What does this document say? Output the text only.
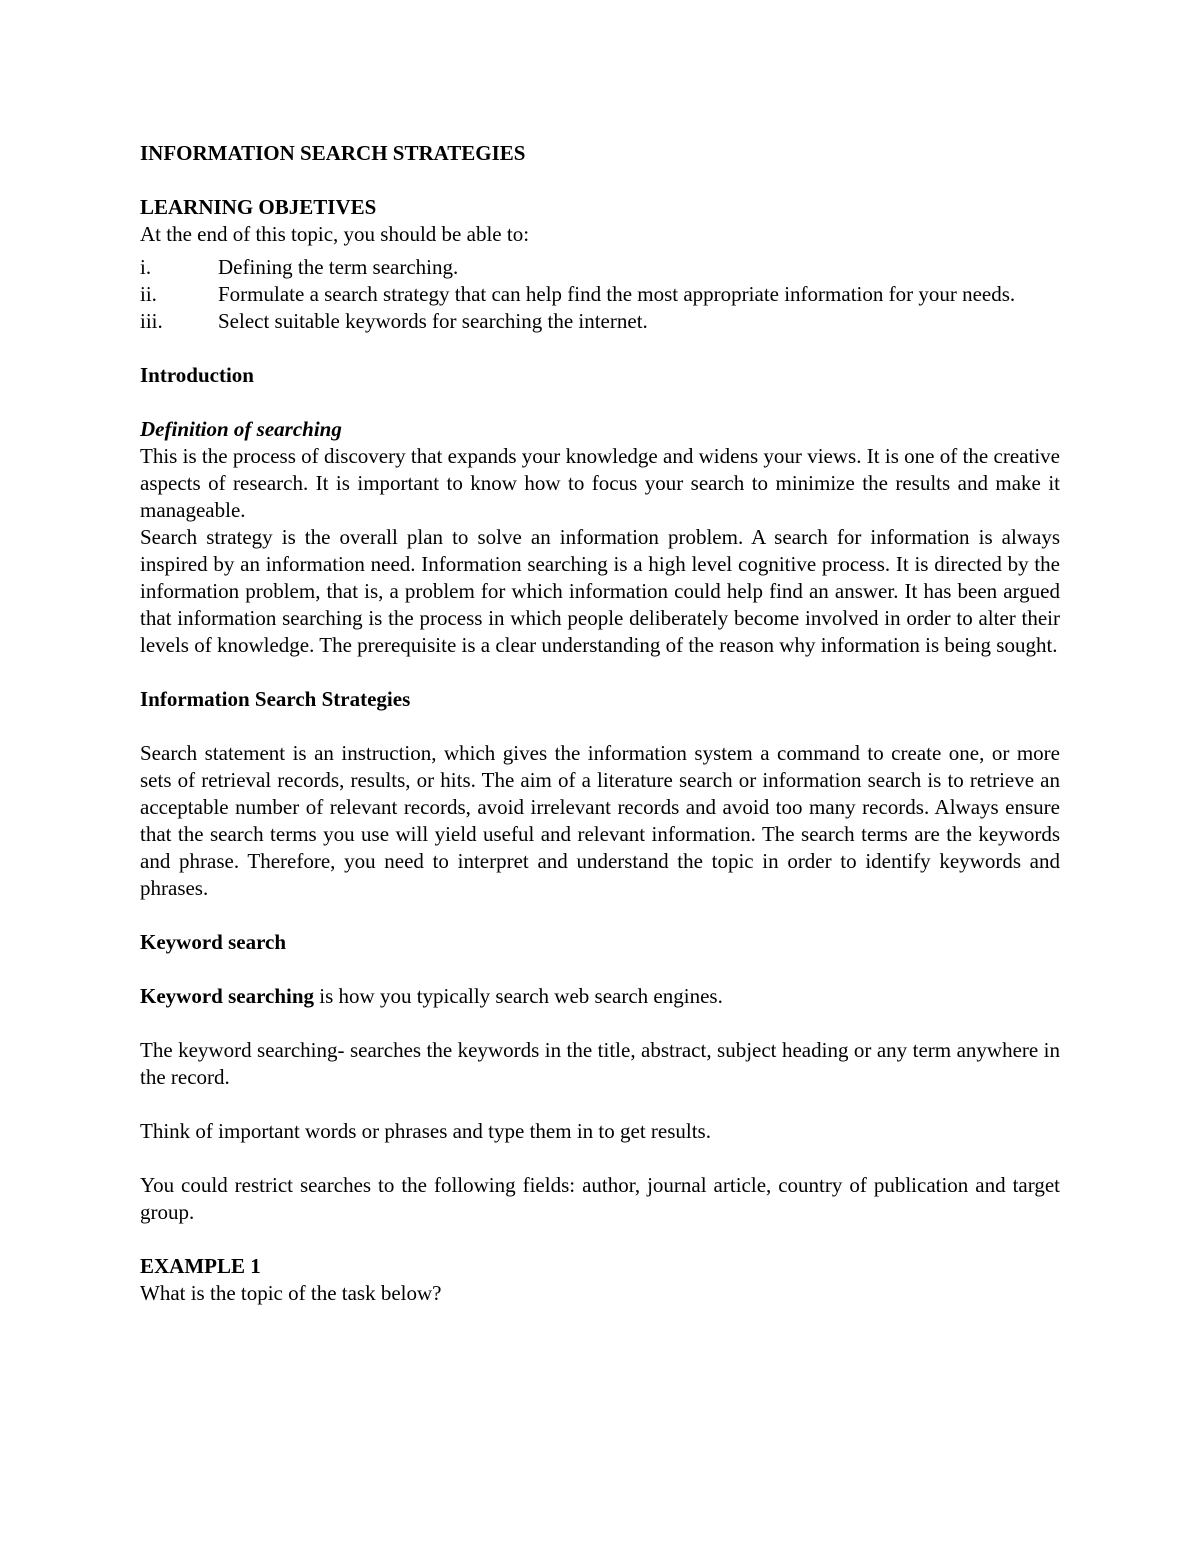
INFORMATION SEARCH STRATEGIES

LEARNING OBJETIVES

At the end of this topic, you should be able to:

i.	Defining the term searching.
ii.	Formulate a search strategy that can help find the most appropriate information for your needs.
iii.	Select suitable keywords for searching the internet.

Introduction

Definition of searching

This is the process of discovery that expands your knowledge and widens your views. It is one of the creative aspects of research. It is important to know how to focus your search to minimize the results and make it manageable.

Search strategy is the overall plan to solve an information problem. A search for information is always inspired by an information need. Information searching is a high level cognitive process. It is directed by the information problem, that is, a problem for which information could help find an answer. It has been argued that information searching is the process in which people deliberately become involved in order to alter their levels of knowledge. The prerequisite is a clear understanding of the reason why information is being sought.

Information Search Strategies

Search statement is an instruction, which gives the information system a command to create one, or more sets of retrieval records, results, or hits. The aim of a literature search or information search is to retrieve an acceptable number of relevant records, avoid irrelevant records and avoid too many records. Always ensure that the search terms you use will yield useful and relevant information. The search terms are the keywords and phrase. Therefore, you need to interpret and understand the topic in order to identify keywords and phrases.

Keyword search

Keyword searching is how you typically search web search engines.

The keyword searching- searches the keywords in the title, abstract, subject heading or any term anywhere in the record.

Think of important words or phrases and type them in to get results.

You could restrict searches to the following fields: author, journal article, country of publication and target group.

EXAMPLE 1

What is the topic of the task below?
